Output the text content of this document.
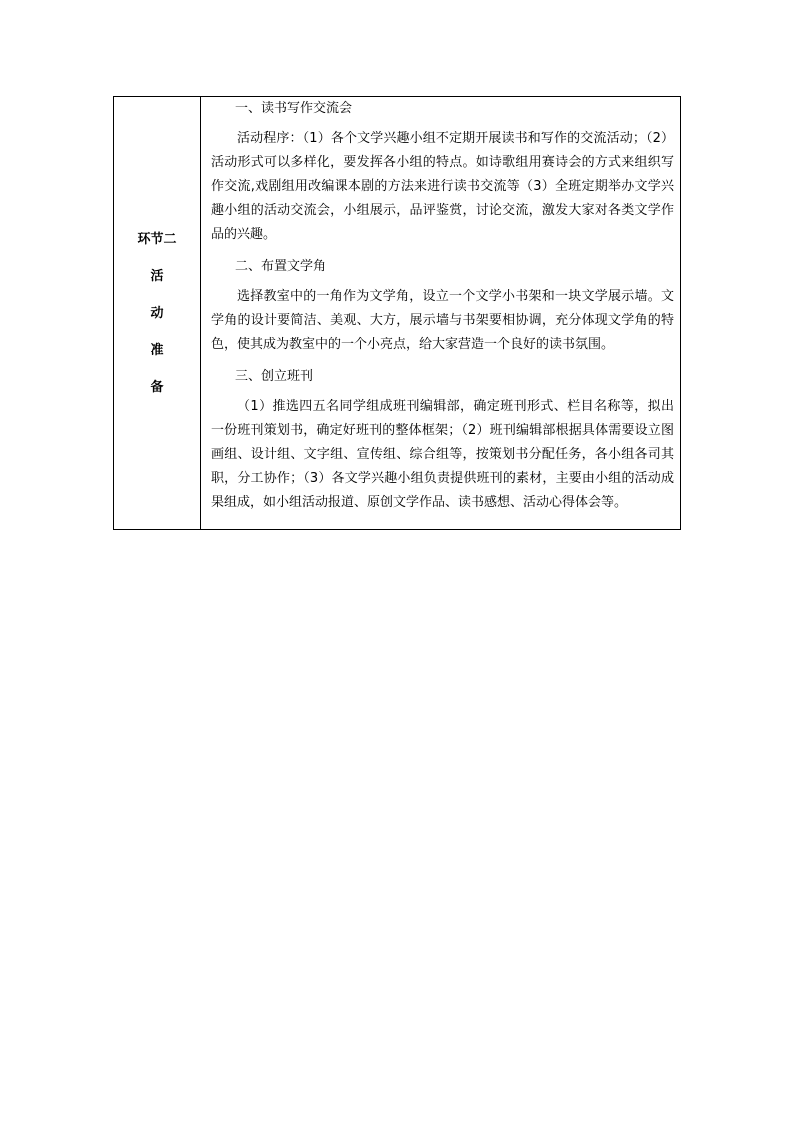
环节二
活
动
准
备

一、读书写作交流会

活动程序：（1）各个文学兴趣小组不定期开展读书和写作的交流活动；（2）活动形式可以多样化，要发挥各小组的特点。如诗歌组用赛诗会的方式来组织写作交流,戏剧组用改编课本剧的方法来进行读书交流等（3）全班定期举办文学兴趣小组的活动交流会，小组展示，品评鉴赏，讨论交流，激发大家对各类文学作品的兴趣。

二、布置文学角

选择教室中的一角作为文学角，设立一个文学小书架和一块文学展示墙。文学角的设计要简洁、美观、大方，展示墙与书架要相协调，充分体现文学角的特色，使其成为教室中的一个小亮点，给大家营造一个良好的读书氛围。

三、创立班刊

（1）推选四五名同学组成班刊编辑部，确定班刊形式、栏目名称等，拟出一份班刊策划书，确定好班刊的整体框架；（2）班刊编辑部根据具体需要设立图画组、设计组、文字组、宣传组、综合组等，按策划书分配任务，各小组各司其职，分工协作；（3）各文学兴趣小组负责提供班刊的素材，主要由小组的活动成果组成，如小组活动报道、原创文学作品、读书感想、活动心得体会等。
